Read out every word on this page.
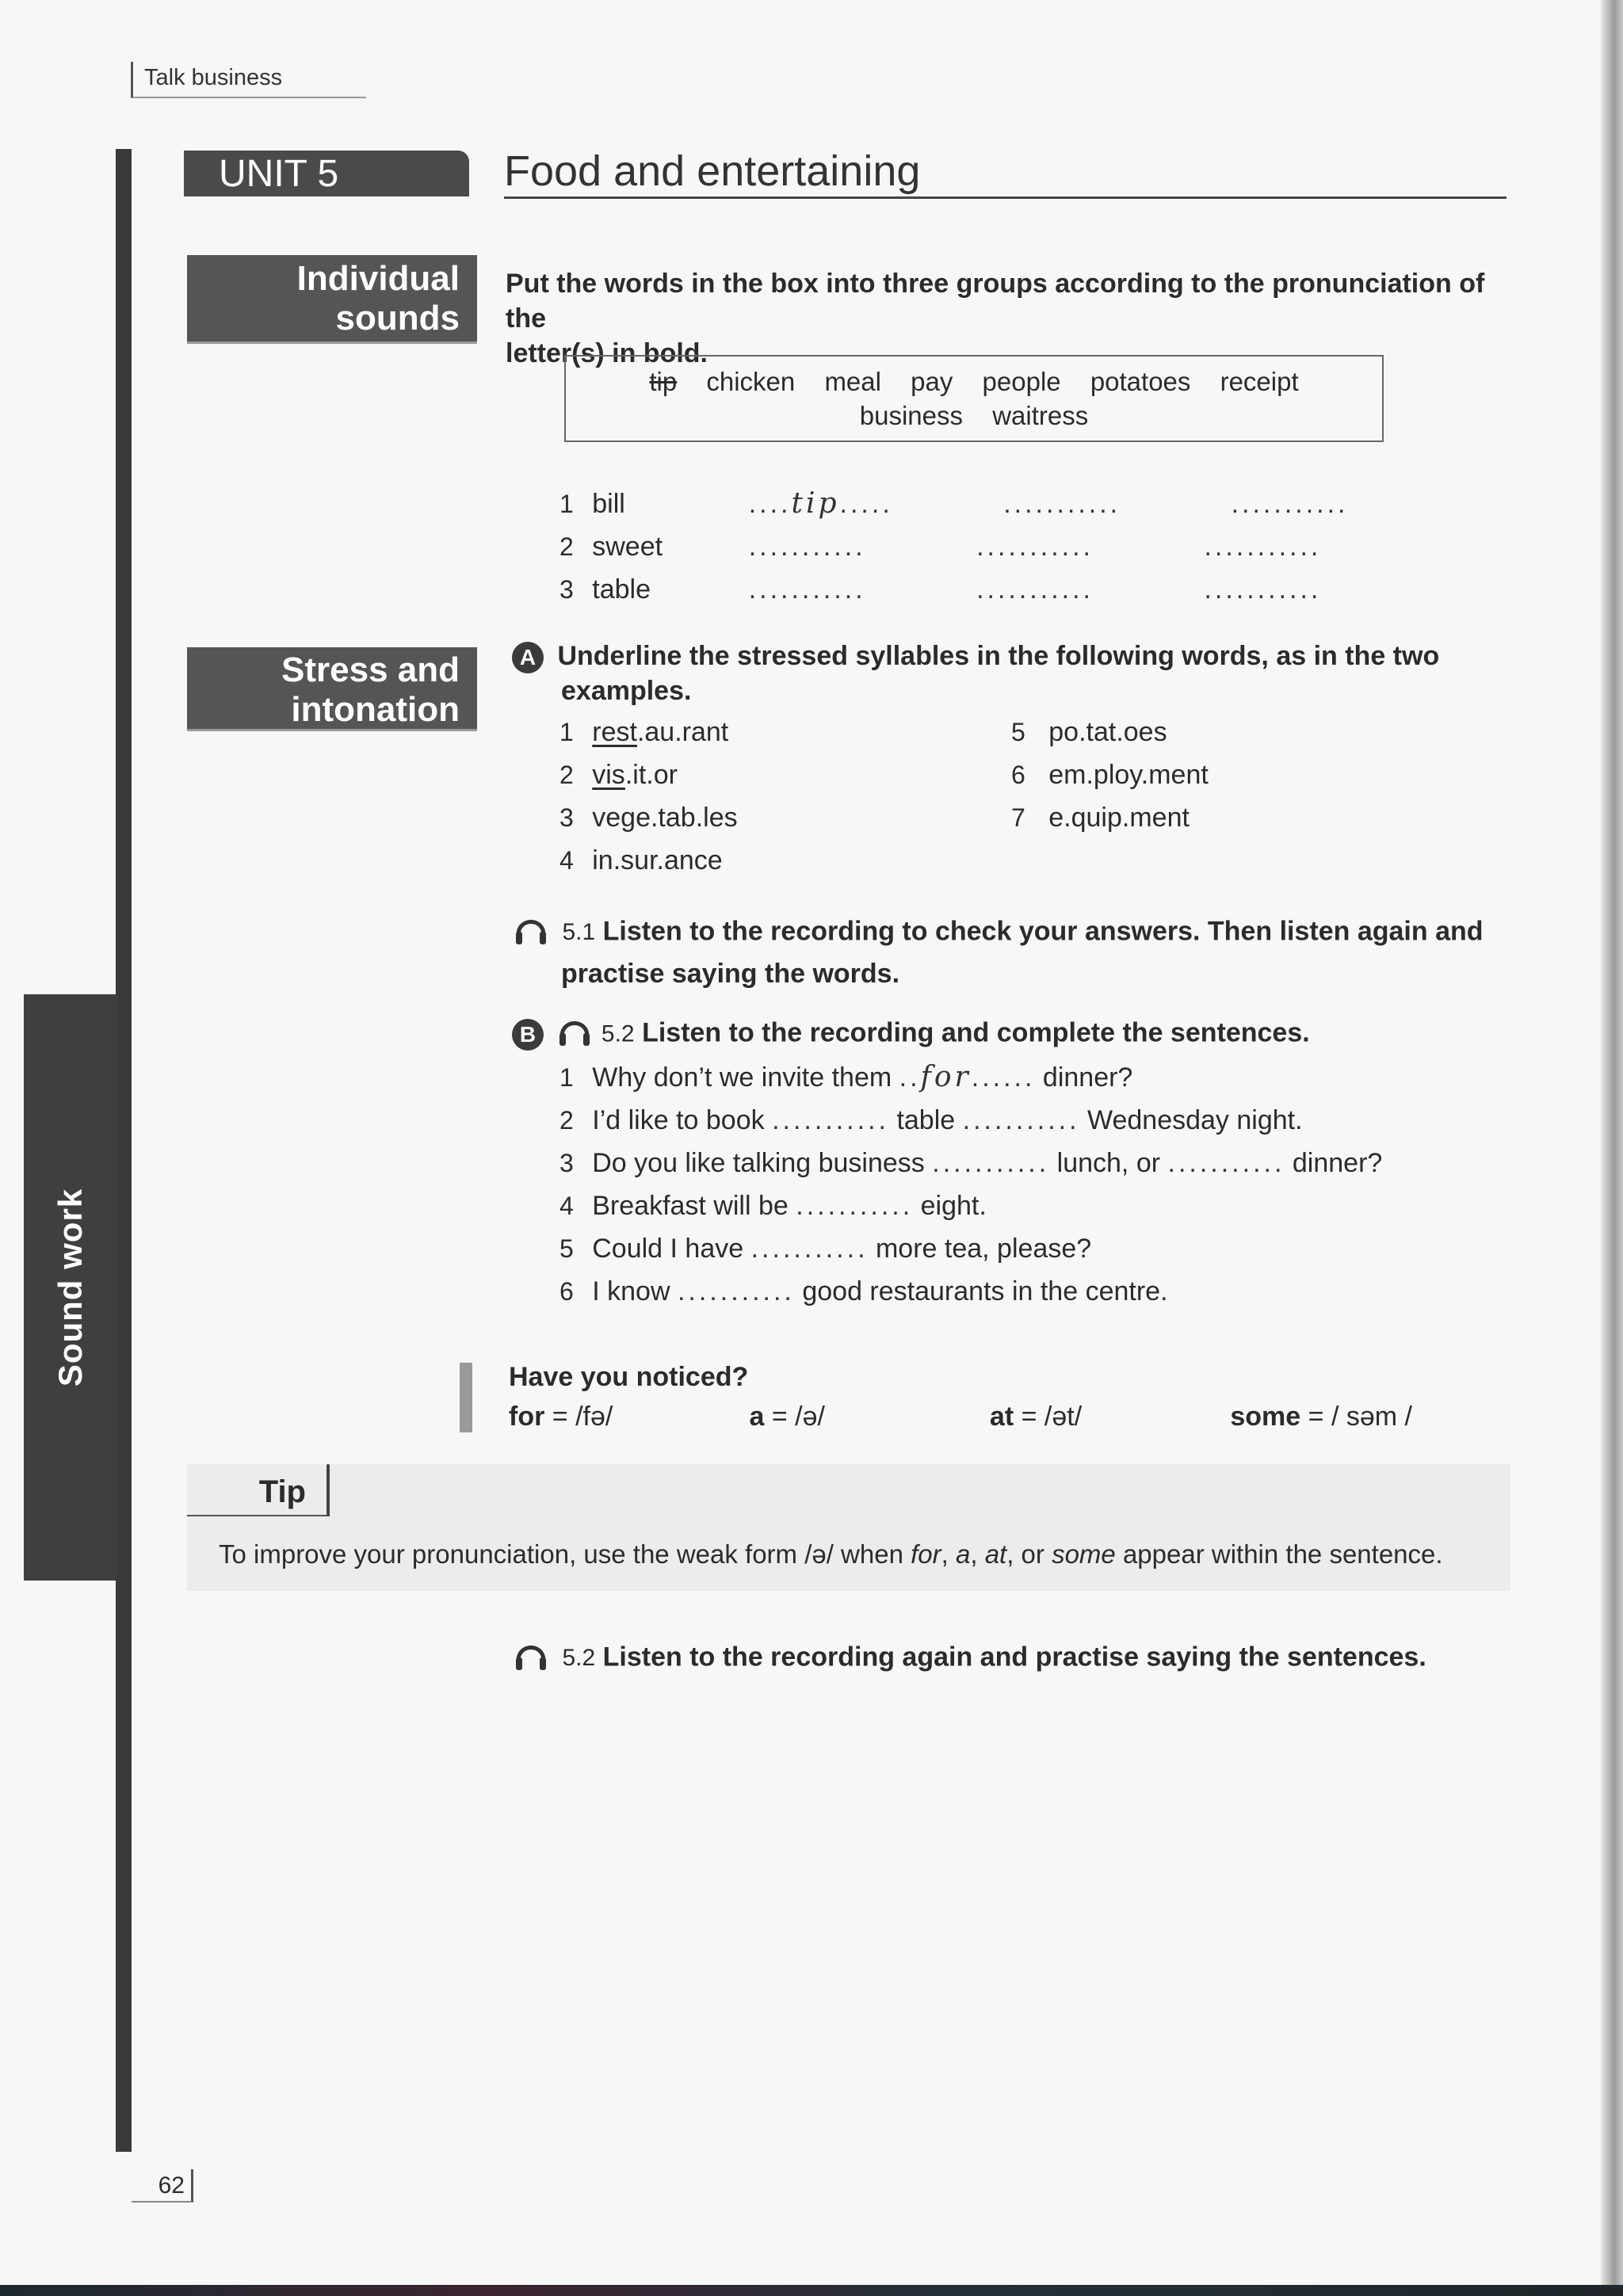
Talk business
Sound work
UNIT 5	Food and entertaining
Individual
sounds
Put the words in the box into three groups according to the pronunciation of the
letter(s) in bold.
tip chicken meal pay people potatoes receipt
business waitress
1 bill	....tip.....	...........	...........
2 sweet	...........	...........	...........
3 table	...........	...........	...........
Stress and
intonation
A Underline the stressed syllables in the following words, as in the two
examples.
1 rest.au.rant
2 vis.it.or
3 vege.tab.les
4 in.sur.ance
5 po.tat.oes
6 em.ploy.ment
7 e.quip.ment
5.1 Listen to the recording to check your answers. Then listen again and
practise saying the words.
B	5.2 Listen to the recording and complete the sentences.
1 Why don’t we invite them ..for...... dinner?
2 I’d like to book ........... table ........... Wednesday night.
3 Do you like talking business ........... lunch, or ........... dinner?
4 Breakfast will be ........... eight.
5 Could I have ........... more tea, please?
6 I know ........... good restaurants in the centre.
Have you noticed?
for = /fə/	a = /ə/	at = /ət/	some = / səm /
Tip
To improve your pronunciation, use the weak form /ə/ when for, a, at, or some appear within the sentence.
5.2 Listen to the recording again and practise saying the sentences.
62
